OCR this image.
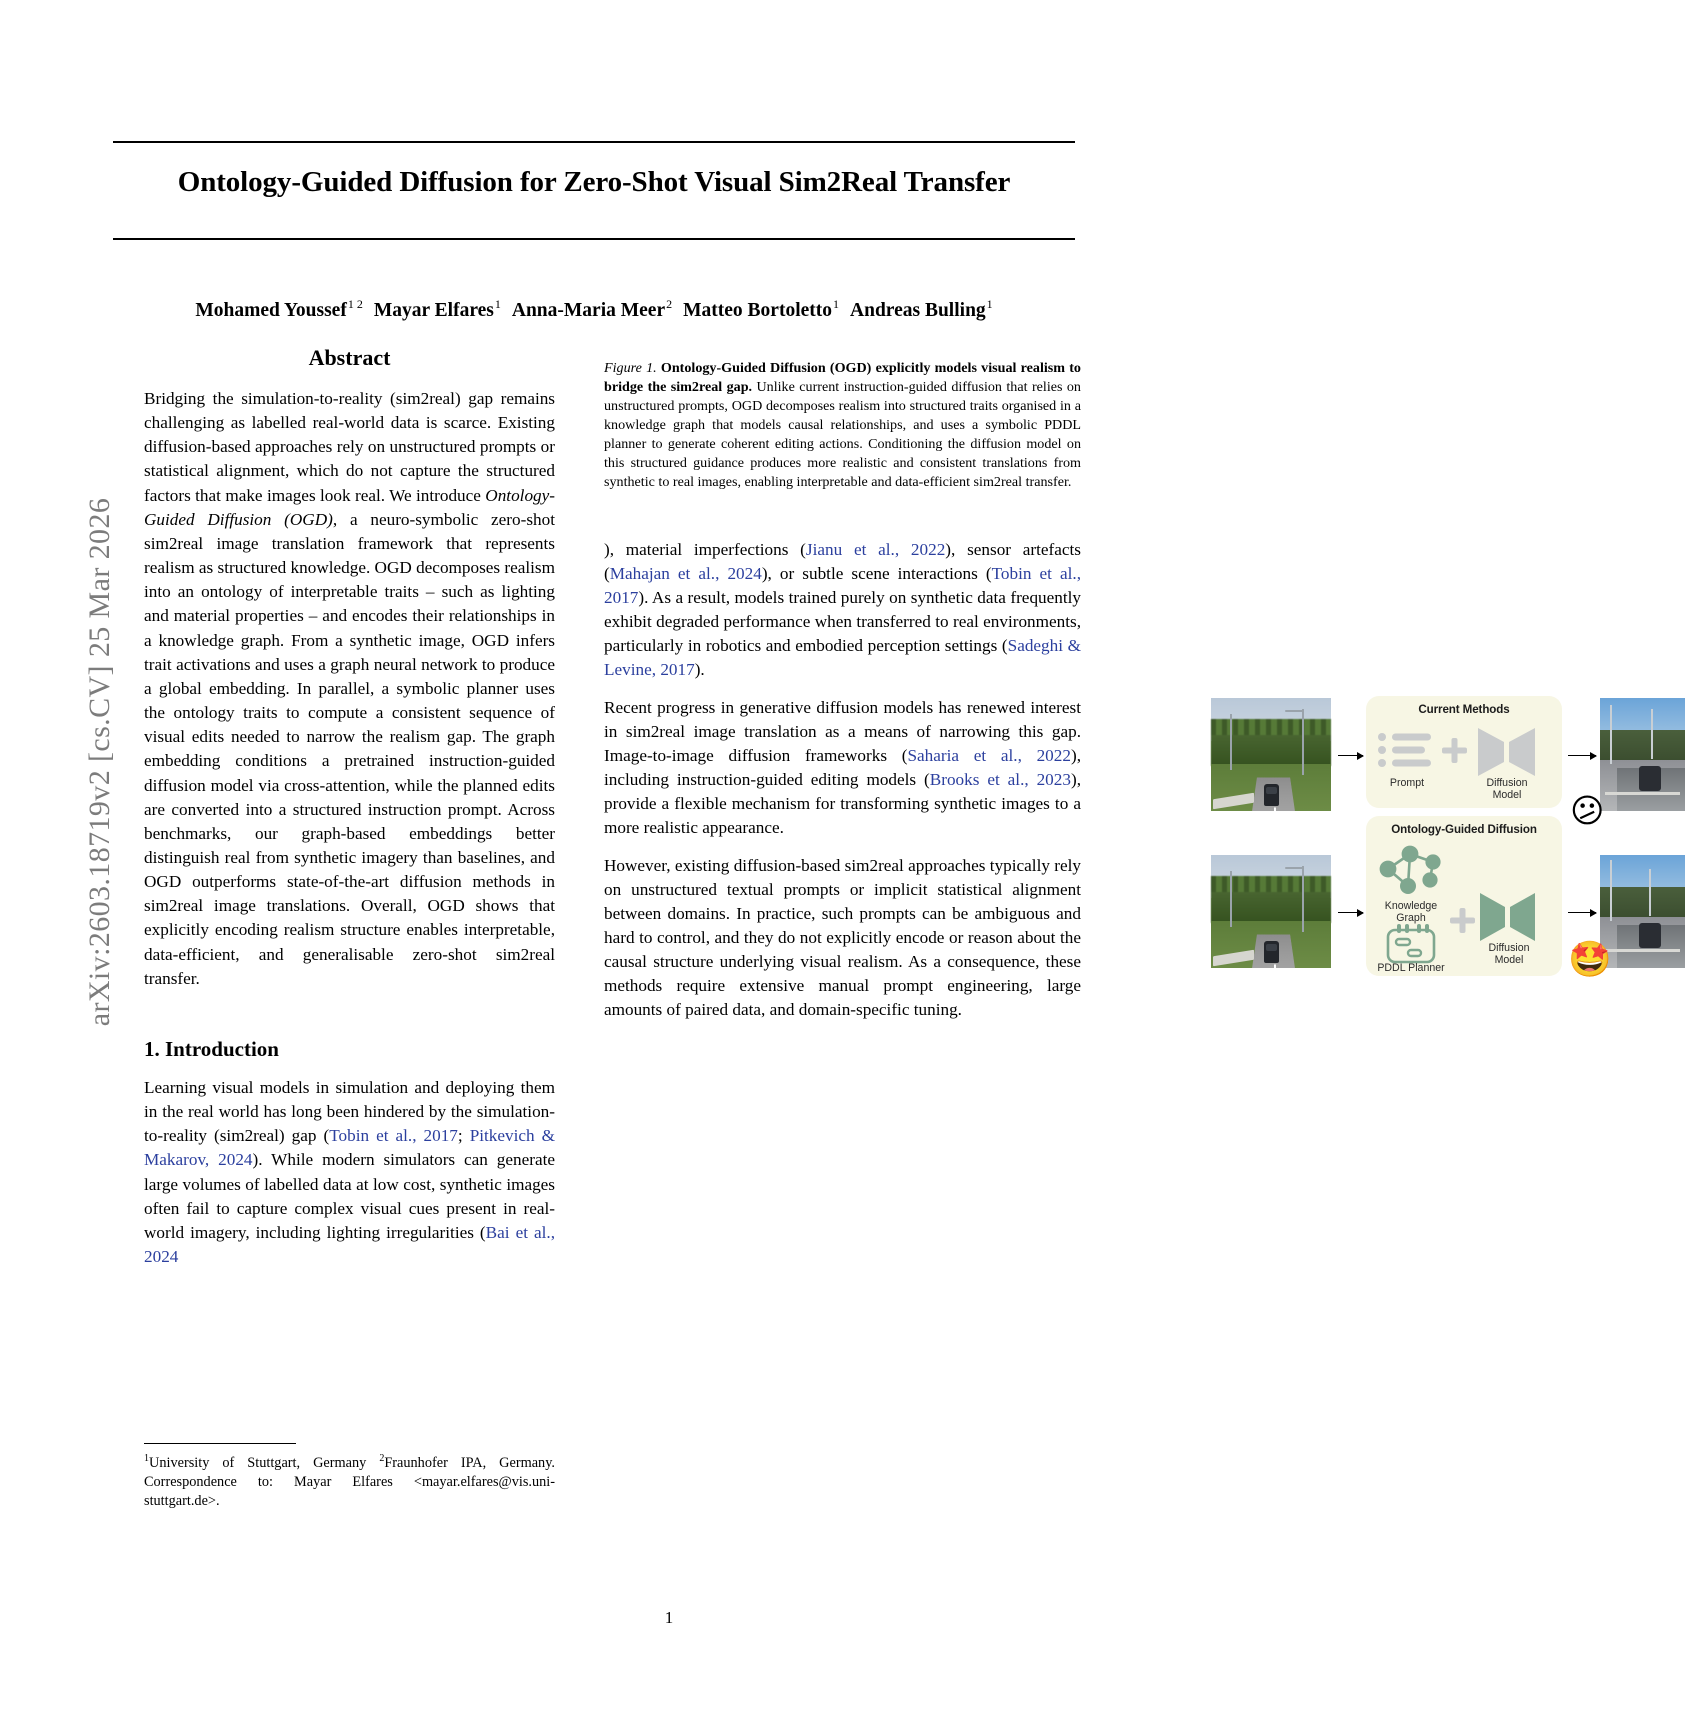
arXiv:2603.18719v2 [cs.CV] 25 Mar 2026
Ontology-Guided Diffusion for Zero-Shot Visual Sim2Real Transfer
Mohamed Youssef$^{1 2}$ Mayar Elfares$^1$ Anna-Maria Meer$^2$ Matteo Bortoletto$^1$ Andreas Bulling$^1$
Abstract

Bridging the simulation-to-reality (sim2real) gap remains challenging as labelled real-world data is scarce. Existing diffusion-based approaches rely on unstructured prompts or statistical alignment, which do not capture the structured factors that make images look real. We introduce Ontology-Guided Diffusion (OGD), a neuro-symbolic zero-shot sim2real image translation framework that represents realism as structured knowledge. OGD decomposes realism into an ontology of interpretable traits – such as lighting and material properties – and encodes their relationships in a knowledge graph. From a synthetic image, OGD infers trait activations and uses a graph neural network to produce a global embedding. In parallel, a symbolic planner uses the ontology traits to compute a consistent sequence of visual edits needed to narrow the realism gap. The graph embedding conditions a pretrained instruction-guided diffusion model via cross-attention, while the planned edits are converted into a structured instruction prompt. Across benchmarks, our graph-based embeddings better distinguish real from synthetic imagery than baselines, and OGD outperforms state-of-the-art diffusion methods in sim2real image translations. Overall, OGD shows that explicitly encoding realism structure enables interpretable, data-efficient, and generalisable zero-shot sim2real transfer.

1. Introduction

Learning visual models in simulation and deploying them in the real world has long been hindered by the simulation-to-reality (sim2real) gap (Tobin et al., 2017; Pitkevich & Makarov, 2024). While modern simulators can generate large volumes of labelled data at low cost, synthetic images often fail to capture complex visual cues present in real-world imagery, including lighting irregularities (Bai et al., 2024

Current Methods
Prompt	Diffusion
Model	😕
Ontology-Guided Diffusion
Knowledge
Graph
PDDL Planner
Diffusion
Model	🤩
Figure 1. Ontology-Guided Diffusion (OGD) explicitly models visual realism to bridge the sim2real gap. Unlike current instruction-guided diffusion that relies on unstructured prompts, OGD decomposes realism into structured traits organised in a knowledge graph that models causal relationships, and uses a symbolic PDDL planner to generate coherent editing actions. Conditioning the diffusion model on this structured guidance produces more realistic and consistent translations from synthetic to real images, enabling interpretable and data-efficient sim2real transfer.

), material imperfections (Jianu et al., 2022), sensor artefacts (Mahajan et al., 2024), or subtle scene interactions (Tobin et al., 2017). As a result, models trained purely on synthetic data frequently exhibit degraded performance when transferred to real environments, particularly in robotics and embodied perception settings (Sadeghi & Levine, 2017).

Recent progress in generative diffusion models has renewed interest in sim2real image translation as a means of narrowing this gap. Image-to-image diffusion frameworks (Saharia et al., 2022), including instruction-guided editing models (Brooks et al., 2023), provide a flexible mechanism for transforming synthetic images to a more realistic appearance.

However, existing diffusion-based sim2real approaches typically rely on unstructured textual prompts or implicit statistical alignment between domains. In practice, such prompts can be ambiguous and hard to control, and they do not explicitly encode or reason about the causal structure underlying visual realism. As a consequence, these methods require extensive manual prompt engineering, large amounts of paired data, and domain-specific tuning.

$^1$University of Stuttgart, Germany $^2$Fraunhofer IPA, Germany. Correspondence to: Mayar Elfares <mayar.elfares@vis.uni-stuttgart.de>.
1
